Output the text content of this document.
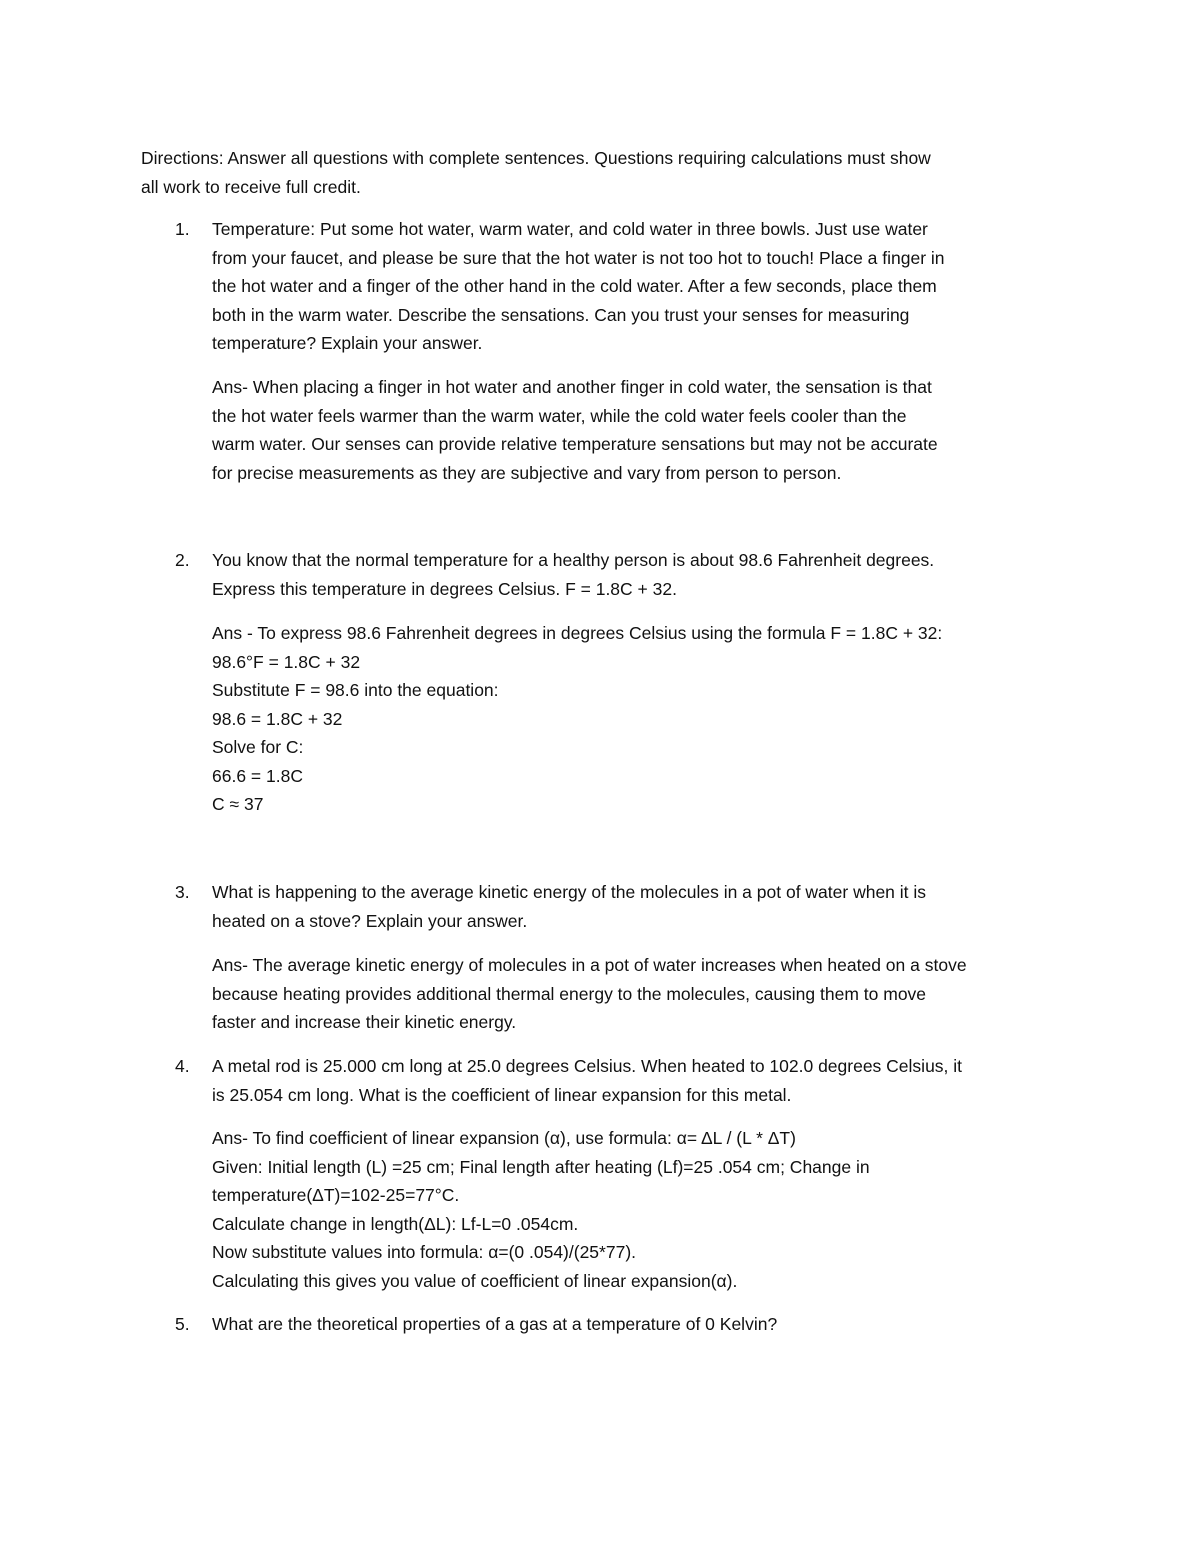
Directions: Answer all questions with complete sentences. Questions requiring calculations must show
all work to receive full credit.
1.	Temperature: Put some hot water, warm water, and cold water in three bowls. Just use water
from your faucet, and please be sure that the hot water is not too hot to touch! Place a finger in
the hot water and a finger of the other hand in the cold water. After a few seconds, place them
both in the warm water. Describe the sensations. Can you trust your senses for measuring
temperature? Explain your answer.
Ans- When placing a finger in hot water and another finger in cold water, the sensation is that
the hot water feels warmer than the warm water, while the cold water feels cooler than the
warm water. Our senses can provide relative temperature sensations but may not be accurate
for precise measurements as they are subjective and vary from person to person.
2.	You know that the normal temperature for a healthy person is about 98.6 Fahrenheit degrees.
Express this temperature in degrees Celsius. F = 1.8C + 32.
Ans - To express 98.6 Fahrenheit degrees in degrees Celsius using the formula F = 1.8C + 32:
98.6°F = 1.8C + 32
Substitute F = 98.6 into the equation:
98.6 = 1.8C + 32
Solve for C:
66.6 = 1.8C
C ≈ 37
3.	What is happening to the average kinetic energy of the molecules in a pot of water when it is
heated on a stove? Explain your answer.
Ans- The average kinetic energy of molecules in a pot of water increases when heated on a stove
because heating provides additional thermal energy to the molecules, causing them to move
faster and increase their kinetic energy.
4.	A metal rod is 25.000 cm long at 25.0 degrees Celsius. When heated to 102.0 degrees Celsius, it
is 25.054 cm long. What is the coefficient of linear expansion for this metal.
Ans- To find coefficient of linear expansion (α), use formula: α= ΔL / (L * ΔT)
Given: Initial length (L) =25 cm; Final length after heating (Lf)=25 .054 cm; Change in
temperature(ΔT)=102-25=77°C.
Calculate change in length(ΔL): Lf-L=0 .054cm.
Now substitute values into formula: α=(0 .054)/(25*77).
Calculating this gives you value of coefficient of linear expansion(α).
5.	What are the theoretical properties of a gas at a temperature of 0 Kelvin?
